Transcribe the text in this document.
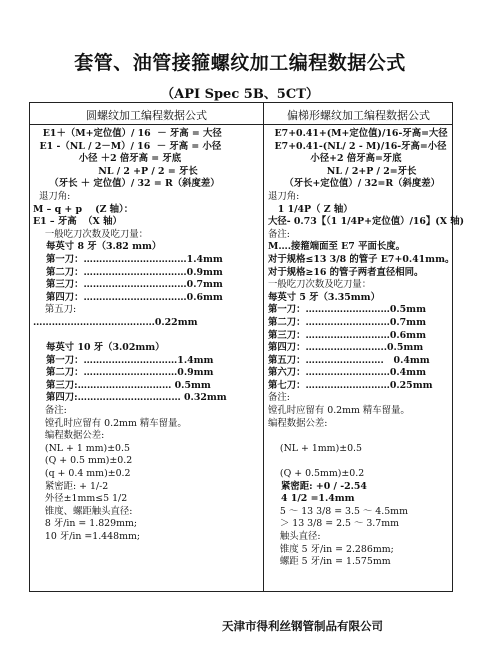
套管、油管接箍螺纹加工编程数据公式
（API Spec 5B、5CT）
圆螺纹加工编程数据公式	偏梯形螺纹加工编程数据公式
E1＋（M+定位值）/ 16  － 牙高 = 大径
E1 -（NL / 2－M）/ 16  － 牙高 = 小径
小径 ＋2 倍牙高 = 牙底
NL / 2 +P / 2 = 牙长
（牙长 ＋ 定位值）/ 32 = R（斜度差）
退刀角:
M – q + p    (Z 轴）：
E1 – 牙高  （X 轴）
一般吃刀次数及吃刀量：
每英寸 8 牙（3.82 mm）
第一刀：……………………………1.4mm
第二刀：……………………………0.9mm
第三刀：……………………………0.7mm
第四刀：……………………………0.6mm
第五刀:
…………………………………0.22mm
每英寸 10 牙（3.02mm）
第一刀：…………………………1.4mm
第二刀：…………………………0.9mm
第三刀:………………………… 0.5mm
第四刀:…………………………… 0.32mm
备注:
镗孔时应留有 0.2mm 精车留量。
编程数据公差:
(NL + 1 mm)±0.5
(Q + 0.5 mm)±0.2
(q + 0.4 mm)±0.2
紧密距: + 1/-2
外径±1mm≤5 1/2
锥度、螺距触头直径:
8 牙/in = 1.829mm;
10 牙/in =1.448mm;
E7+0.41+(M+定位值)/16-牙高=大径
E7+0.41-(NL/ 2 - M)/16-牙高=小径
小径+2 倍牙高=牙底
NL / 2+P / 2=牙长
（牙长+定位值）/ 32=R（斜度差）
退刀角:
1 1/4P（ Z 轴）
大径- 0.73【（1 1/4P+定位值）/16】(X 轴)
备注:
M….接箍端面至 E7 平面长度。
对于规格≤13 3/8 的管子 E7+0.41mm。
对于规格≥16 的管子两者直径相同。
一般吃刀次数及吃刀量：
每英寸 5 牙（3.35mm）
第一刀：………………………0.5mm
第二刀：………………………0.7mm
第三刀：………………………0.6mm
第四刀：……………………..0.5mm
第五刀：…………………….   0.4mm
第六刀：………………………0.4mm
第七刀：………………………0.25mm
备注:
镗孔时应留有 0.2mm 精车留量。
编程数据公差:
(NL + 1mm)±0.5
(Q + 0.5mm)±0.2
紧密距: +0 / -2.54
4 1/2 =1.4mm
5 ～ 13 3/8 = 3.5 ～ 4.5mm
＞ 13 3/8 = 2.5 ～ 3.7mm
触头直径:
锥度 5 牙/in = 2.286mm;
螺距 5 牙/in = 1.575mm
天津市得利丝钢管制品有限公司
